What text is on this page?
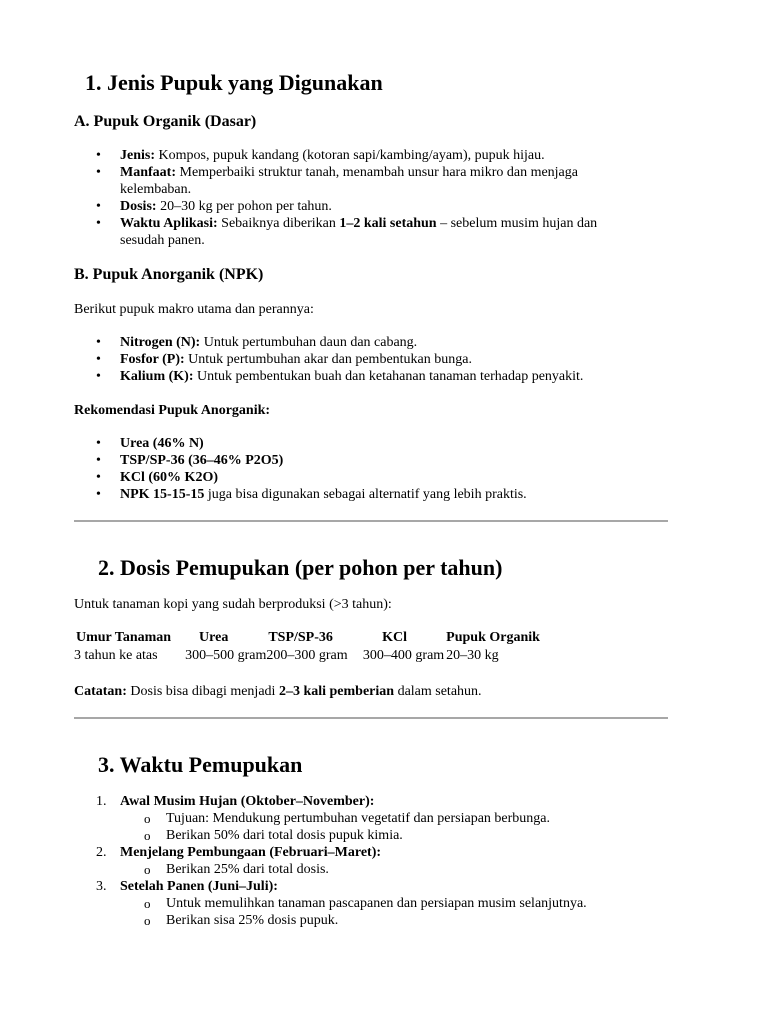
1. Jenis Pupuk yang Digunakan
A. Pupuk Organik (Dasar)
• Jenis: Kompos, pupuk kandang (kotoran sapi/kambing/ayam), pupuk hijau.
• Manfaat: Memperbaiki struktur tanah, menambah unsur hara mikro dan menjaga kelembaban.
• Dosis: 20–30 kg per pohon per tahun.
• Waktu Aplikasi: Sebaiknya diberikan 1–2 kali setahun – sebelum musim hujan dan sesudah panen.
B. Pupuk Anorganik (NPK)

Berikut pupuk makro utama dan perannya:

• Nitrogen (N): Untuk pertumbuhan daun dan cabang.
• Fosfor (P): Untuk pertumbuhan akar dan pembentukan bunga.
• Kalium (K): Untuk pembentukan buah dan ketahanan tanaman terhadap penyakit.

Rekomendasi Pupuk Anorganik:

• Urea (46% N)
• TSP/SP-36 (36–46% P2O5)
• KCl (60% K2O)
• NPK 15-15-15 juga bisa digunakan sebagai alternatif yang lebih praktis.
2. Dosis Pemupukan (per pohon per tahun)

Untuk tanaman kopi yang sudah berproduksi (>3 tahun):

Umur Tanaman	Urea	TSP/SP-36	KCl	Pupuk Organik
3 tahun ke atas	300–500 gram	200–300 gram	300–400 gram	20–30 kg

Catatan: Dosis bisa dibagi menjadi 2–3 kali pemberian dalam setahun.

3. Waktu Pemupukan
1. Awal Musim Hujan (Oktober–November):
o Tujuan: Mendukung pertumbuhan vegetatif dan persiapan berbunga.
o Berikan 50% dari total dosis pupuk kimia.
2. Menjelang Pembungaan (Februari–Maret):
o Berikan 25% dari total dosis.
3. Setelah Panen (Juni–Juli):
o Untuk memulihkan tanaman pascapanen dan persiapan musim selanjutnya.
o Berikan sisa 25% dosis pupuk.
